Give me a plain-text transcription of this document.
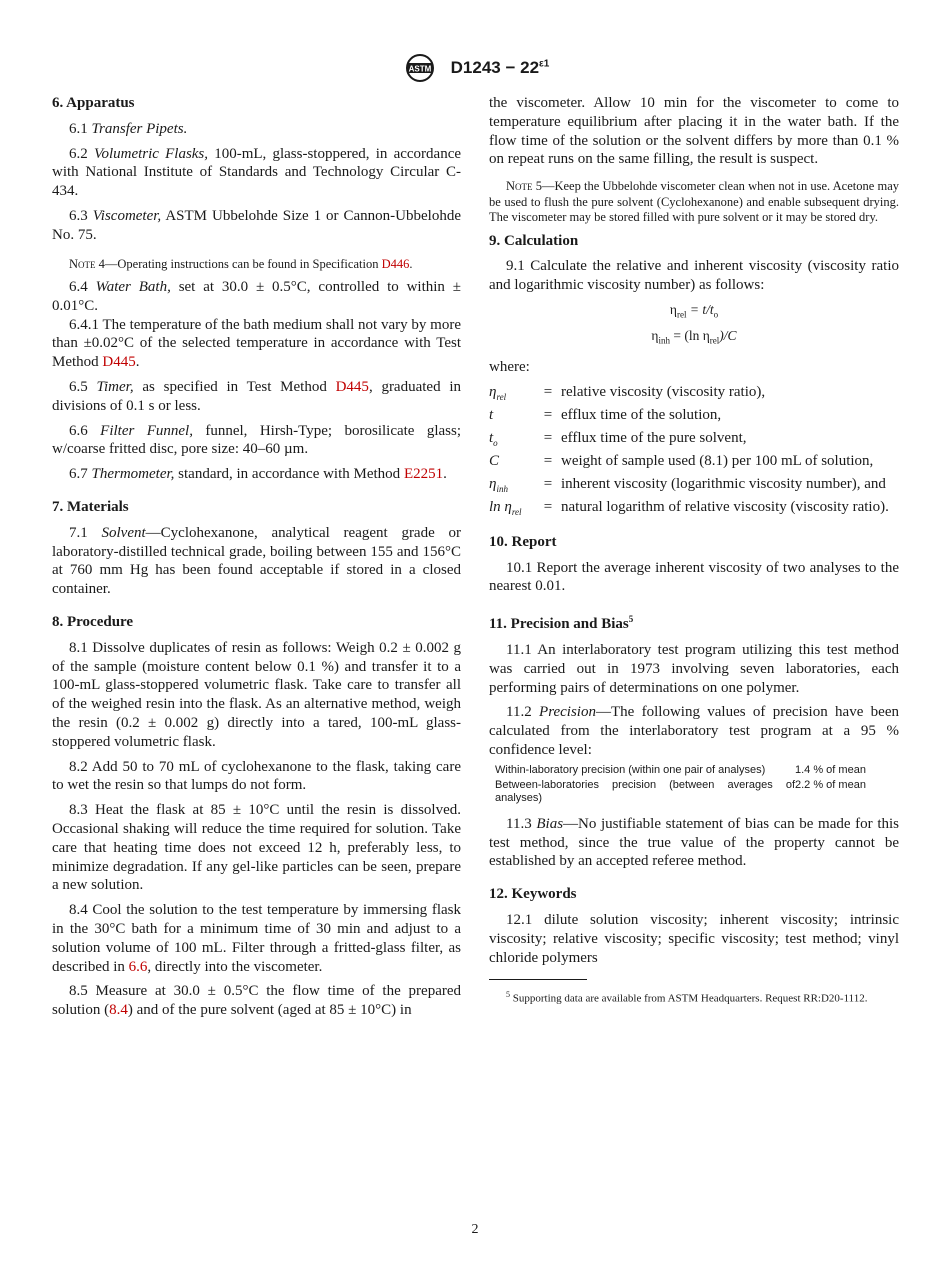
ASTM $D1243 - 22^{\varepsilon 1}$
6. Apparatus

6.1 Transfer Pipets.

6.2 Volumetric Flasks, 100-mL, glass-stoppered, in accordance with National Institute of Standards and Technology Circular C-434.

6.3 Viscometer, ASTM Ubbelohde Size 1 or Cannon-Ubbelohde No. 75.

Note 4—Operating instructions can be found in Specification D446.

6.4 Water Bath, set at 30.0 ± 0.5°C, controlled to within ± 0.01°C.

6.4.1 The temperature of the bath medium shall not vary by more than ±0.02°C of the selected temperature in accordance with Test Method D445.

6.5 Timer, as specified in Test Method D445, graduated in divisions of 0.1 s or less.

6.6 Filter Funnel, funnel, Hirsh-Type; borosilicate glass; w/coarse fritted disc, pore size: 40–60 µm.

6.7 Thermometer, standard, in accordance with Method E2251.

7. Materials

7.1 Solvent—Cyclohexanone, analytical reagent grade or laboratory-distilled technical grade, boiling between 155 and 156°C at 760 mm Hg has been found acceptable if stored in a closed container.

8. Procedure

8.1 Dissolve duplicates of resin as follows: Weigh 0.2 ± 0.002 g of the sample (moisture content below 0.1 %) and transfer it to a 100-mL glass-stoppered volumetric flask. Take care to transfer all of the weighed resin into the flask. As an alternative method, weigh the resin (0.2 ± 0.002 g) directly into a tared, 100-mL glass-stoppered volumetric flask.

8.2 Add 50 to 70 mL of cyclohexanone to the flask, taking care to wet the resin so that lumps do not form.

8.3 Heat the flask at 85 ± 10°C until the resin is dissolved. Occasional shaking will reduce the time required for solution. Take care that heating time does not exceed 12 h, preferably less, to minimize degradation. If any gel-like particles can be seen, prepare a new solution.

8.4 Cool the solution to the test temperature by immersing flask in the 30°C bath for a minimum time of 30 min and adjust to a solution volume of 100 mL. Filter through a fritted-glass filter, as described in 6.6, directly into the viscometer.

8.5 Measure at 30.0 ± 0.5°C the flow time of the prepared solution (8.4) and of the pure solvent (aged at 85 ± 10°C) in

the viscometer. Allow 10 min for the viscometer to come to temperature equilibrium after placing it in the water bath. If the flow time of the solution or the solvent differs by more than 0.1 % on repeat runs on the same filling, the result is suspect.

Note 5—Keep the Ubbelohde viscometer clean when not in use. Acetone may be used to flush the pure solvent (Cyclohexanone) and enable subsequent drying. The viscometer may be stored filled with pure solvent or it may be stored dry.

9. Calculation

9.1 Calculate the relative and inherent viscosity (viscosity ratio and logarithmic viscosity number) as follows:

$\eta_{rel} = t/t_o$

$\eta_{inh} = (\ln$ $\eta_{rel})/C$

where:

$\eta_{rel}$	=	relative viscosity (viscosity ratio),
t	=	efflux time of the solution,
$t_o$	=	efflux time of the pure solvent,
C	=	weight of sample used (8.1) per 100 mL of solution,
$\eta_{inh}$	=	inherent viscosity (logarithmic viscosity number), and
$\ln \eta_{rel}$	=	natural logarithm of relative viscosity (viscosity ratio).
10. Report

10.1 Report the average inherent viscosity of two analyses to the nearest 0.01.

11. Precision and Bias$^5$

11.1 An interlaboratory test program utilizing this test method was carried out in 1973 involving seven laboratories, each performing pairs of determinations on one polymer.

11.2 Precision—The following values of precision have been calculated from the interlaboratory test program at a 95 % confidence level:

Within-laboratory precision (within one pair of analyses)	1.4 % of mean
Between-laboratories precision (between averages of analyses)	2.2 % of mean

11.3 Bias—No justifiable statement of bias can be made for this test method, since the true value of the property cannot be established by an accepted referee method.

12. Keywords

12.1 dilute solution viscosity; inherent viscosity; intrinsic viscosity; relative viscosity; specific viscosity; test method; vinyl chloride polymers

$^5$ Supporting data are available from ASTM Headquarters. Request RR:D20-1112.

2
